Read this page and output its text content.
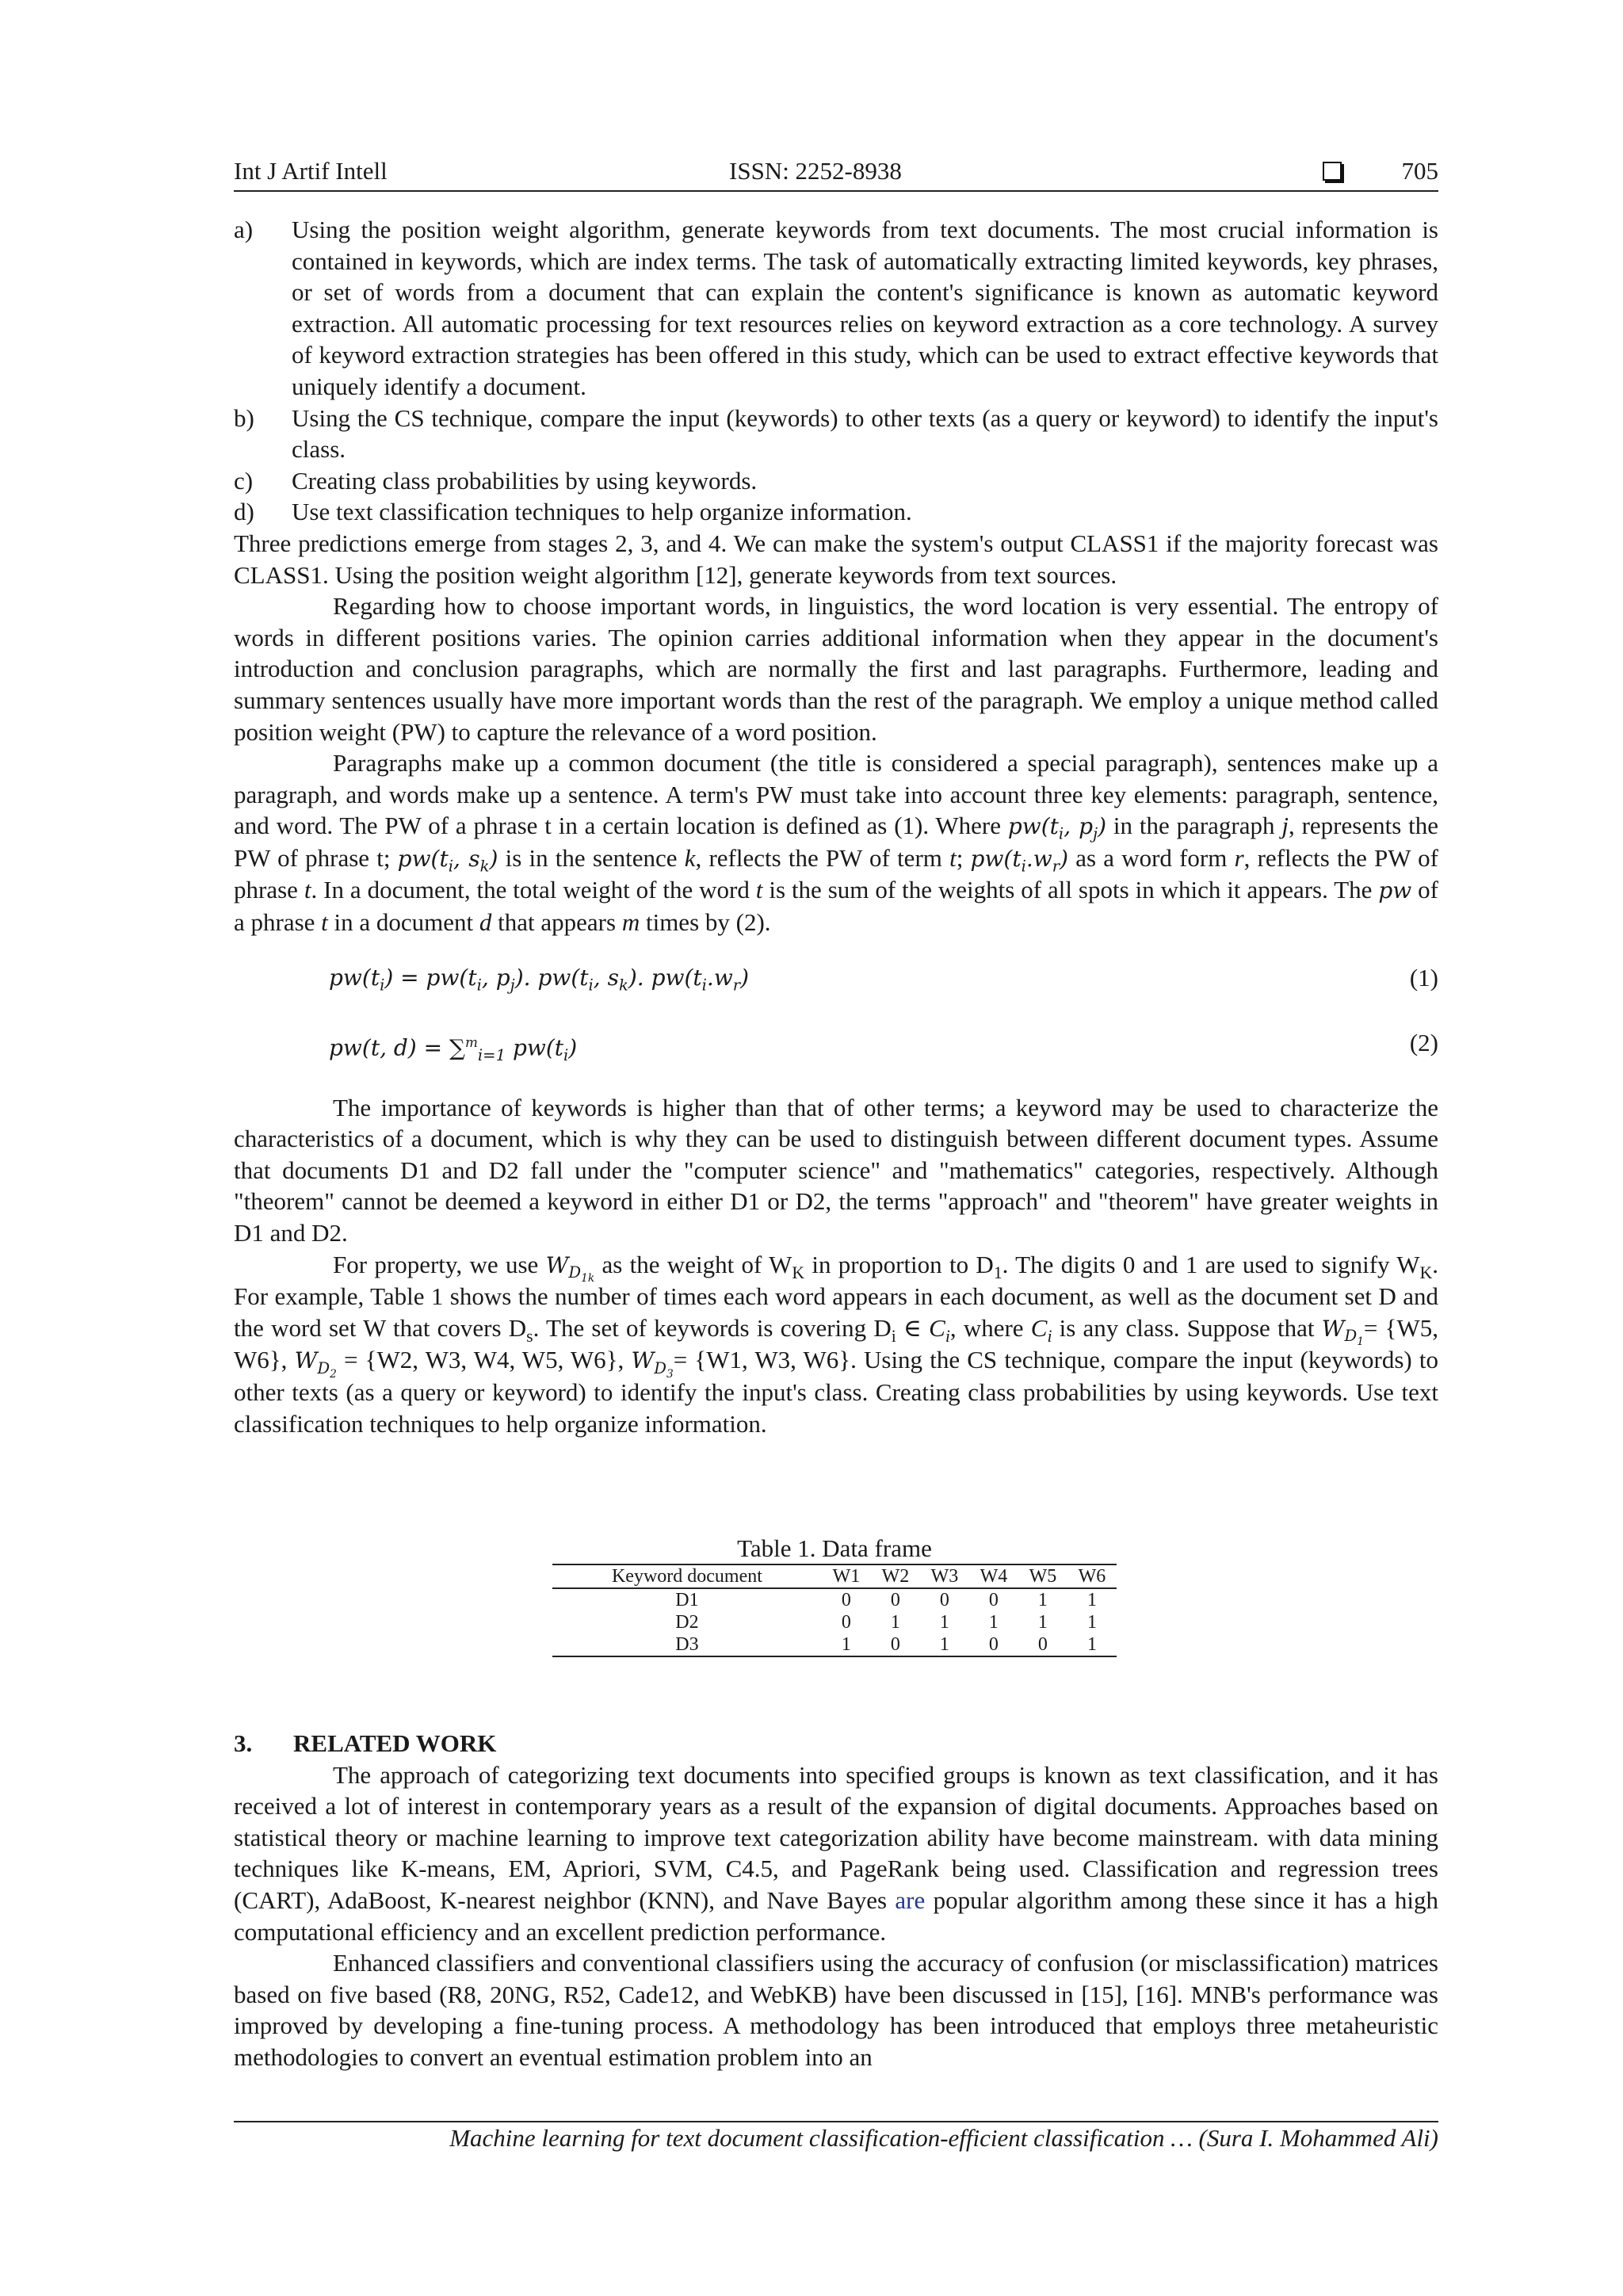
Int J Artif Intell	ISSN: 2252-8938	705
a) Using the position weight algorithm, generate keywords from text documents. The most crucial information is contained in keywords, which are index terms. The task of automatically extracting limited keywords, key phrases, or set of words from a document that can explain the content's significance is known as automatic keyword extraction. All automatic processing for text resources relies on keyword extraction as a core technology. A survey of keyword extraction strategies has been offered in this study, which can be used to extract effective keywords that uniquely identify a document.
b) Using the CS technique, compare the input (keywords) to other texts (as a query or keyword) to identify the input's class.
c) Creating class probabilities by using keywords.
d) Use text classification techniques to help organize information.

Three predictions emerge from stages 2, 3, and 4. We can make the system's output CLASS1 if the majority forecast was CLASS1. Using the position weight algorithm [12], generate keywords from text sources.

Regarding how to choose important words, in linguistics, the word location is very essential. The entropy of words in different positions varies. The opinion carries additional information when they appear in the document's introduction and conclusion paragraphs, which are normally the first and last paragraphs. Furthermore, leading and summary sentences usually have more important words than the rest of the paragraph. We employ a unique method called position weight (PW) to capture the relevance of a word position.

Paragraphs make up a common document (the title is considered a special paragraph), sentences make up a paragraph, and words make up a sentence. A term's PW must take into account three key elements: paragraph, sentence, and word. The PW of a phrase t in a certain location is defined as (1). Where $pw(t_i$, $p_j$) in the paragraph j, represents the PW of phrase t; $pw(t_i$, $s_k$) is in the sentence k, reflects the PW of term t; $pw(t_i.w_r)$ as a word form r, reflects the PW of phrase t. In a document, the total weight of the word t is the sum of the weights of all spots in which it appears. The pw of a phrase t in a document d that appears m times by (2).

$pw(t_i) = pw(t_i$, $p_j$). $pw(t_i$, $s_k$). $pw(t_i.w_r)$	(1)
pw(t, d) = ∑$^m_{i=1}$ $pw(t_i)$	(2)

The importance of keywords is higher than that of other terms; a keyword may be used to characterize the characteristics of a document, which is why they can be used to distinguish between different document types. Assume that documents D1 and D2 fall under the "computer science" and "mathematics" categories, respectively. Although "theorem" cannot be deemed a keyword in either D1 or D2, the terms "approach" and "theorem" have greater weights in D1 and D2.

For property, we use $W_{D_{1k}}$ as the weight of $W_K$ in proportion to $D_1$. The digits 0 and 1 are used to signify $W_K$. For example, Table 1 shows the number of times each word appears in each document, as well as the document set D and the word set W that covers $D_s$. The set of keywords is covering $D_i$ ∈ $C_i$, where $C_i$ is any class. Suppose that $W_{D_1}= \{W5$, W6}, $W_{D_2} = \{W2$, W3, W4, W5, W6}, $W_{D_3}= \{W1$, W3, W6}. Using the CS technique, compare the input (keywords) to other texts (as a query or keyword) to identify the input's class. Creating class probabilities by using keywords. Use text classification techniques to help organize information.

Table 1. Data frame
Keyword document	W1	W2	W3	W4	W5	W6
D1	0	0	0	0	1	1
D2	0	1	1	1	1	1
D3	1	0	1	0	0	1
3. RELATED WORK

The approach of categorizing text documents into specified groups is known as text classification, and it has received a lot of interest in contemporary years as a result of the expansion of digital documents. Approaches based on statistical theory or machine learning to improve text categorization ability have become mainstream. with data mining techniques like K-means, EM, Apriori, SVM, C4.5, and PageRank being used. Classification and regression trees (CART), AdaBoost, K-nearest neighbor (KNN), and Nave Bayes are popular algorithm among these since it has a high computational efficiency and an excellent prediction performance.

Enhanced classifiers and conventional classifiers using the accuracy of confusion (or misclassification) matrices based on five based (R8, 20NG, R52, Cade12, and WebKB) have been discussed in [15], [16]. MNB's performance was improved by developing a fine-tuning process. A methodology has been introduced that employs three metaheuristic methodologies to convert an eventual estimation problem into an

Machine learning for text document classification-efficient classification … (Sura I. Mohammed Ali)
